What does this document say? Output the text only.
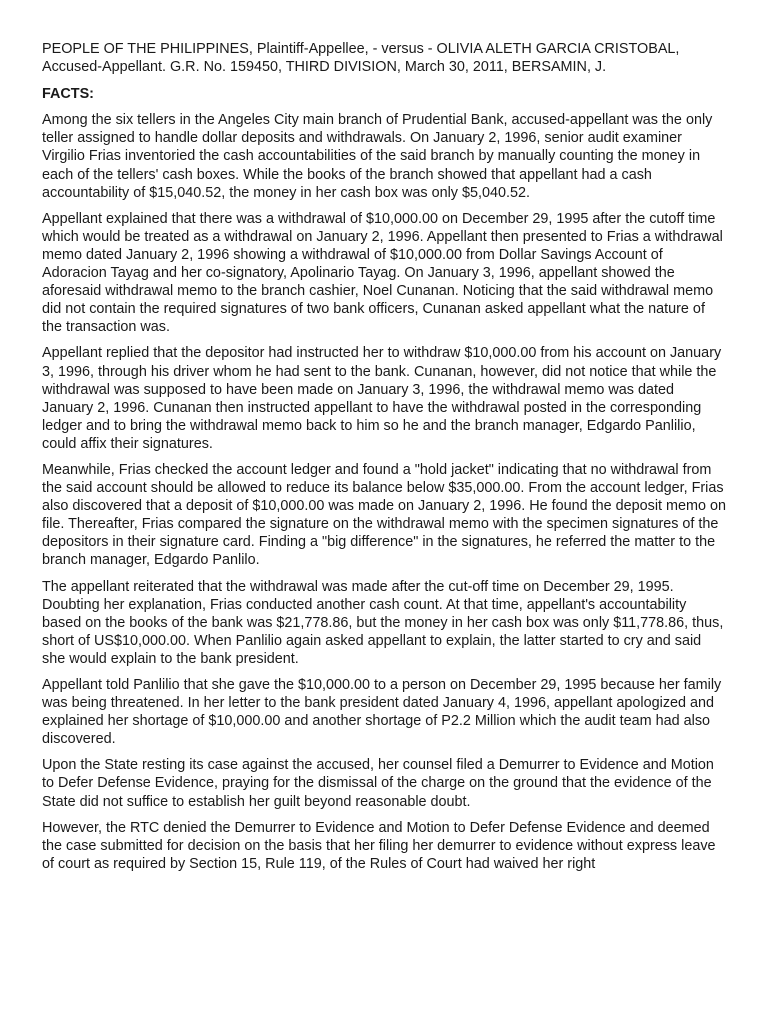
PEOPLE OF THE PHILIPPINES, Plaintiff-Appellee, - versus - OLIVIA ALETH GARCIA CRISTOBAL, Accused-Appellant. G.R. No. 159450, THIRD DIVISION, March 30, 2011, BERSAMIN, J.

FACTS:

Among the six tellers in the Angeles City main branch of Prudential Bank, accused-appellant was the only teller assigned to handle dollar deposits and withdrawals. On January 2, 1996, senior audit examiner Virgilio Frias inventoried the cash accountabilities of the said branch by manually counting the money in each of the tellers' cash boxes. While the books of the branch showed that appellant had a cash accountability of $15,040.52, the money in her cash box was only $5,040.52.

Appellant explained that there was a withdrawal of $10,000.00 on December 29, 1995 after the cutoff time which would be treated as a withdrawal on January 2, 1996. Appellant then presented to Frias a withdrawal memo dated January 2, 1996 showing a withdrawal of $10,000.00 from Dollar Savings Account of Adoracion Tayag and her co-signatory, Apolinario Tayag. On January 3, 1996, appellant showed the aforesaid withdrawal memo to the branch cashier, Noel Cunanan. Noticing that the said withdrawal memo did not contain the required signatures of two bank officers, Cunanan asked appellant what the nature of the transaction was.

Appellant replied that the depositor had instructed her to withdraw $10,000.00 from his account on January 3, 1996, through his driver whom he had sent to the bank. Cunanan, however, did not notice that while the withdrawal was supposed to have been made on January 3, 1996, the withdrawal memo was dated January 2, 1996. Cunanan then instructed appellant to have the withdrawal posted in the corresponding ledger and to bring the withdrawal memo back to him so he and the branch manager, Edgardo Panlilio, could affix their signatures.

Meanwhile, Frias checked the account ledger and found a "hold jacket" indicating that no withdrawal from the said account should be allowed to reduce its balance below $35,000.00. From the account ledger, Frias also discovered that a deposit of $10,000.00 was made on January 2, 1996. He found the deposit memo on file. Thereafter, Frias compared the signature on the withdrawal memo with the specimen signatures of the depositors in their signature card. Finding a "big difference" in the signatures, he referred the matter to the branch manager, Edgardo Panlilo.

The appellant reiterated that the withdrawal was made after the cut-off time on December 29, 1995. Doubting her explanation, Frias conducted another cash count. At that time, appellant's accountability based on the books of the bank was $21,778.86, but the money in her cash box was only $11,778.86, thus, short of US$10,000.00. When Panlilio again asked appellant to explain, the latter started to cry and said she would explain to the bank president.

Appellant told Panlilio that she gave the $10,000.00 to a person on December 29, 1995 because her family was being threatened. In her letter to the bank president dated January 4, 1996, appellant apologized and explained her shortage of $10,000.00 and another shortage of P2.2 Million which the audit team had also discovered.

Upon the State resting its case against the accused, her counsel filed a Demurrer to Evidence and Motion to Defer Defense Evidence, praying for the dismissal of the charge on the ground that the evidence of the State did not suffice to establish her guilt beyond reasonable doubt.

However, the RTC denied the Demurrer to Evidence and Motion to Defer Defense Evidence and deemed the case submitted for decision on the basis that her filing her demurrer to evidence without express leave of court as required by Section 15, Rule 119, of the Rules of Court had waived her right
